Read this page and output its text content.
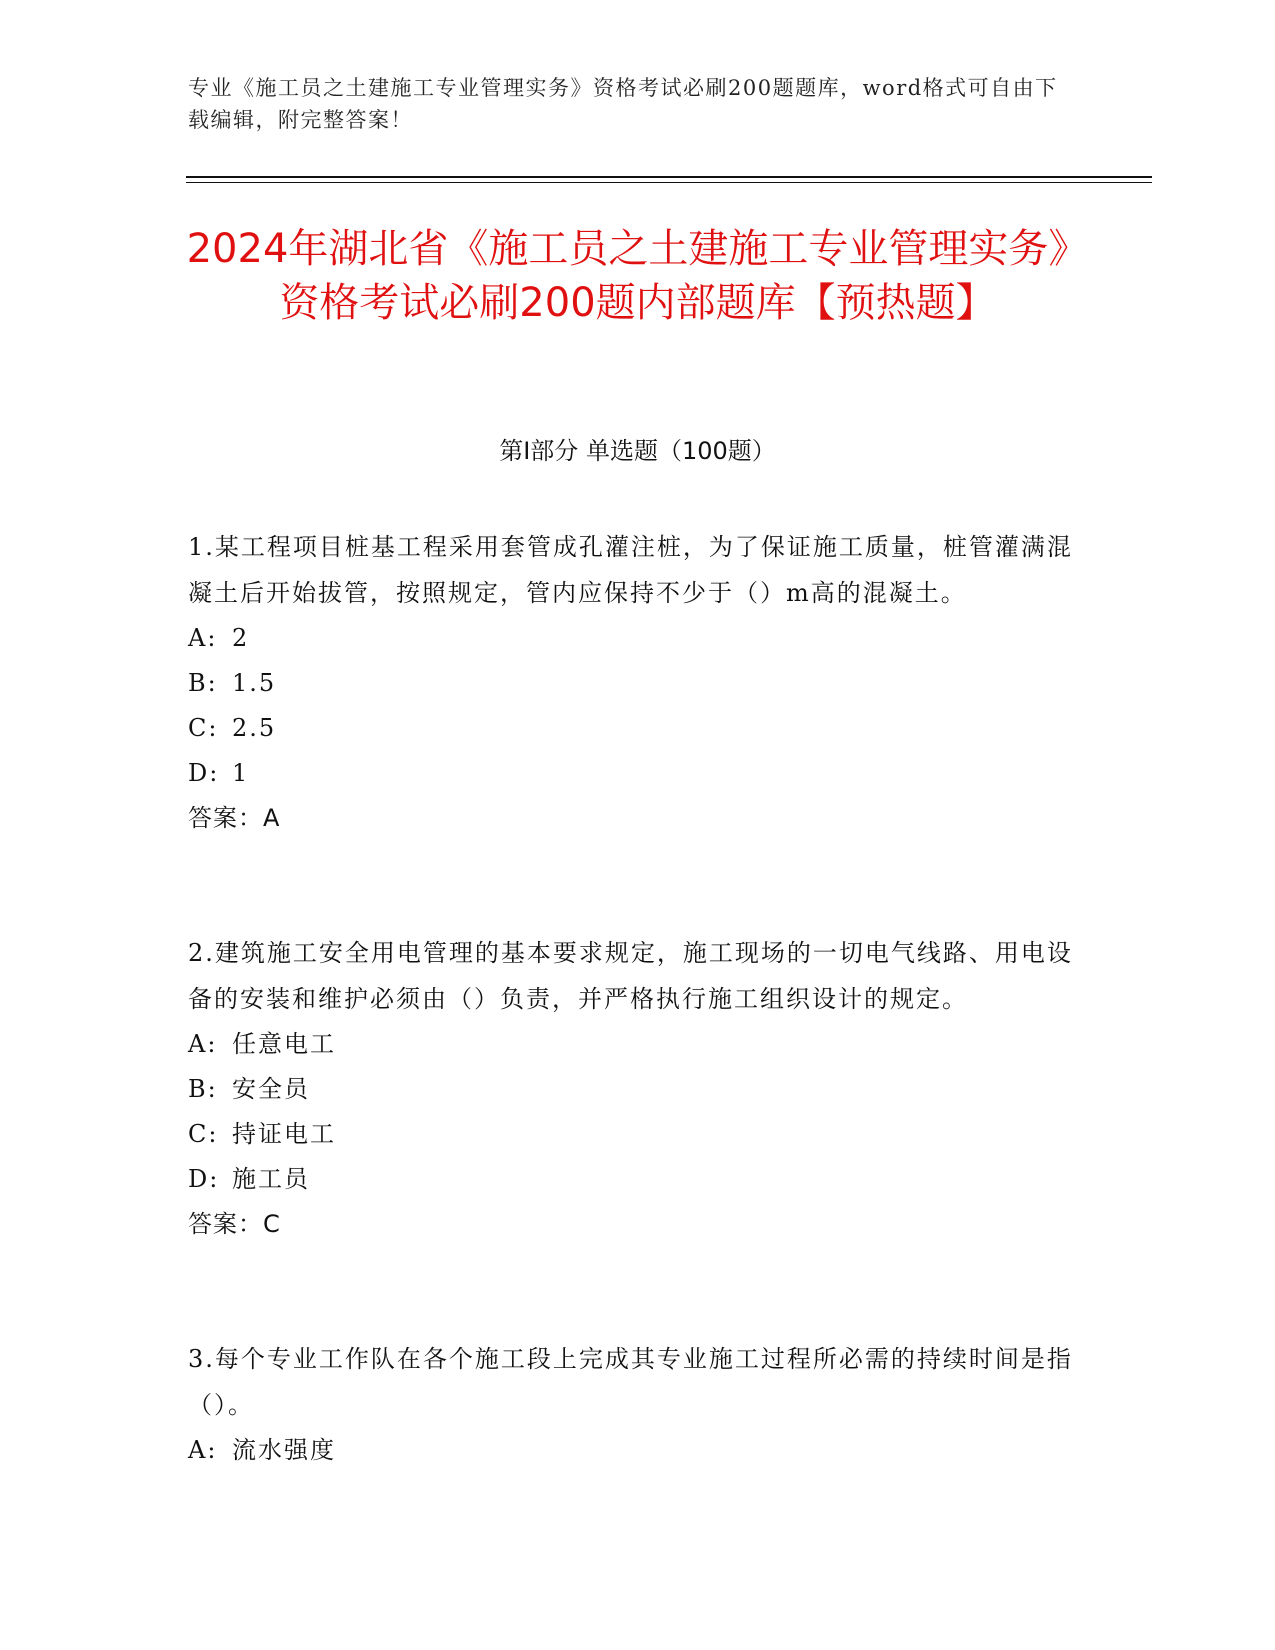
专业《施工员之土建施工专业管理实务》资格考试必刷200题题库，word格式可自由下载编辑，附完整答案！
2024年湖北省《施工员之土建施工专业管理实务》资格考试必刷200题内部题库【预热题】
第I部分 单选题（100题）

1.某工程项目桩基工程采用套管成孔灌注桩，为了保证施工质量，桩管灌满混凝土后开始拔管，按照规定，管内应保持不少于（）m高的混凝土。

A: 2

B: 1.5

C: 2.5

D: 1

答案：A

2.建筑施工安全用电管理的基本要求规定，施工现场的一切电气线路、用电设备的安装和维护必须由（）负责，并严格执行施工组织设计的规定。

A: 任意电工

B: 安全员

C: 持证电工

D: 施工员

答案：C

3.每个专业工作队在各个施工段上完成其专业施工过程所必需的持续时间是指（）。

A: 流水强度
